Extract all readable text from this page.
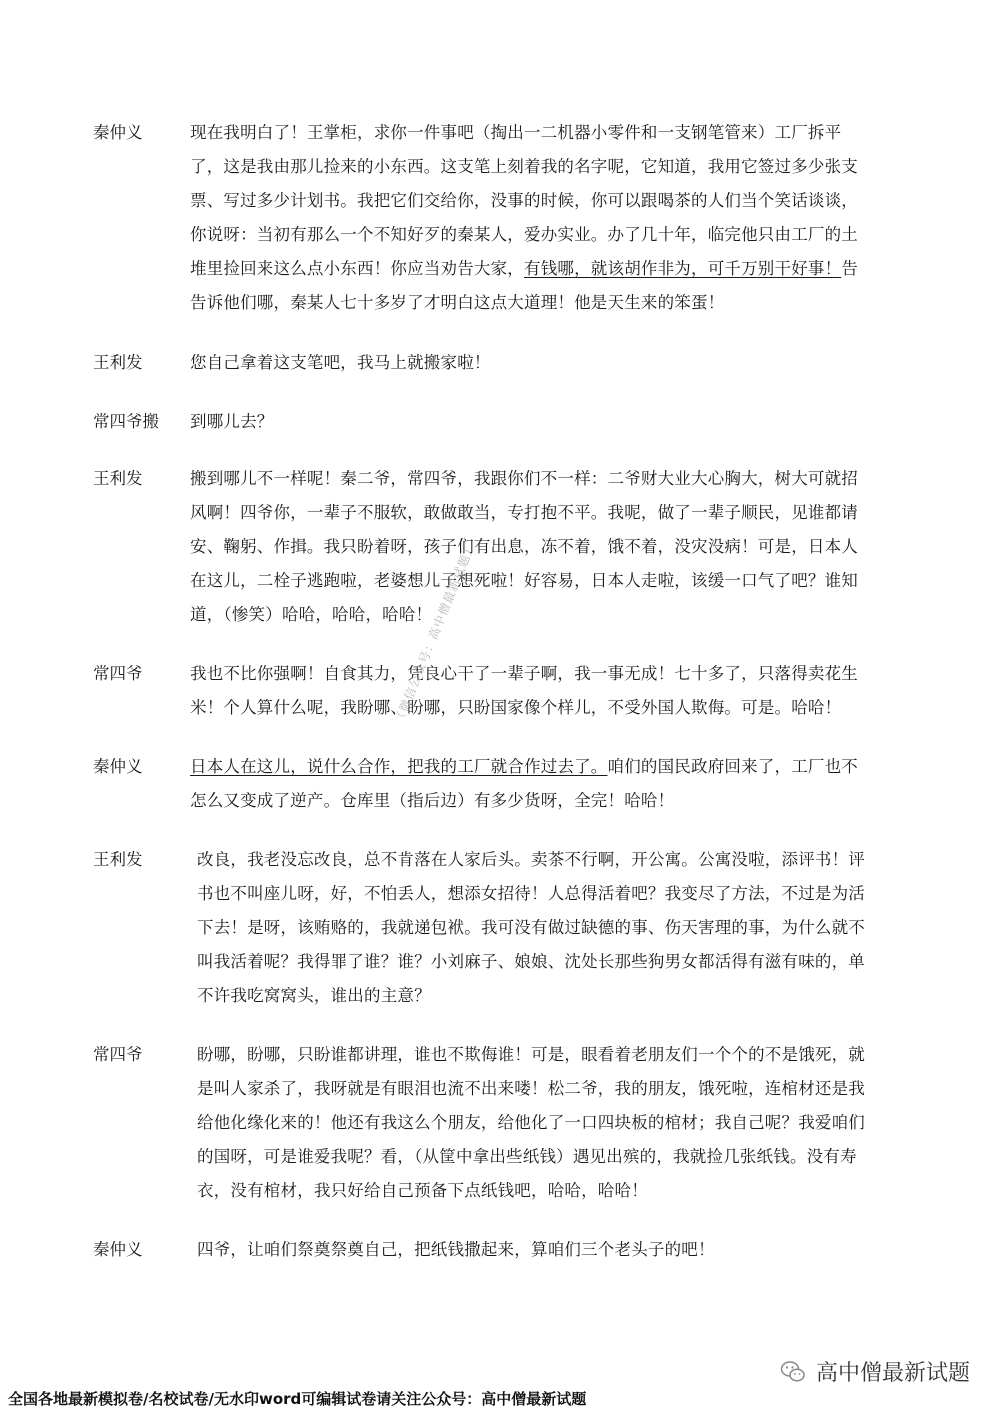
秦仲义	现在我明白了！王掌柜，求你一件事吧（掏出一二机器小零件和一支钢笔管来）工厂拆平
了，这是我由那儿捡来的小东西。这支笔上刻着我的名字呢，它知道，我用它签过多少张支
票、写过多少计划书。我把它们交给你，没事的时候，你可以跟喝茶的人们当个笑话谈谈，
你说呀：当初有那么一个不知好歹的秦某人，爱办实业。办了几十年，临完他只由工厂的土
堆里捡回来这么点小东西！你应当劝告大家，有钱哪，就该胡作非为，可千万别干好事！告
告诉他们哪，秦某人七十多岁了才明白这点大道理！他是天生来的笨蛋！
王利发	您自己拿着这支笔吧，我马上就搬家啦！
常四爷搬 到哪儿去？
王利发	搬到哪儿不一样呢！秦二爷，常四爷，我跟你们不一样：二爷财大业大心胸大，树大可就招
风啊！四爷你，一辈子不服软，敢做敢当，专打抱不平。我呢，做了一辈子顺民，见谁都请
安、鞠躬、作揖。我只盼着呀，孩子们有出息，冻不着，饿不着，没灾没病！可是，日本人
在这儿，二栓子逃跑啦，老婆想儿子想死啦！好容易，日本人走啦，该缓一口气了吧？谁知
道，（惨笑）哈哈，哈哈，哈哈！
常四爷	我也不比你强啊！自食其力，凭良心干了一辈子啊，我一事无成！七十多了，只落得卖花生
米！个人算什么呢，我盼哪、盼哪，只盼国家像个样儿，不受外国人欺侮。可是。哈哈！
秦仲义	日本人在这儿，说什么合作，把我的工厂就合作过去了。咱们的国民政府回来了，工厂也不
怎么又变成了逆产。仓库里（指后边）有多少货呀，全完！哈哈！
王利发	改良，我老没忘改良，总不肯落在人家后头。卖茶不行啊，开公寓。公寓没啦，添评书！评
书也不叫座儿呀，好，不怕丢人，想添女招待！人总得活着吧？我变尽了方法，不过是为活
下去！是呀，该贿赂的，我就递包袱。我可没有做过缺德的事、伤天害理的事，为什么就不
叫我活着呢？我得罪了谁？谁？小刘麻子、娘娘、沈处长那些狗男女都活得有滋有味的，单
不许我吃窝窝头，谁出的主意？
常四爷	盼哪，盼哪，只盼谁都讲理，谁也不欺侮谁！可是，眼看着老朋友们一个个的不是饿死，就
是叫人家杀了，我呀就是有眼泪也流不出来喽！松二爷，我的朋友，饿死啦，连棺材还是我
给他化缘化来的！他还有我这么个朋友，给他化了一口四块板的棺材；我自己呢？我爱咱们
的国呀，可是谁爱我呢？看，（从筐中拿出些纸钱）遇见出殡的，我就捡几张纸钱。没有寿
衣，没有棺材，我只好给自己预备下点纸钱吧，哈哈，哈哈！
秦仲义	四爷，让咱们祭奠祭奠自己，把纸钱撒起来，算咱们三个老头子的吧！
（微信公众号：高中僧最新试题）
高中僧最新试题
全国各地最新模拟卷/名校试卷/无水印word可编辑试卷请关注公众号：高中僧最新试题
